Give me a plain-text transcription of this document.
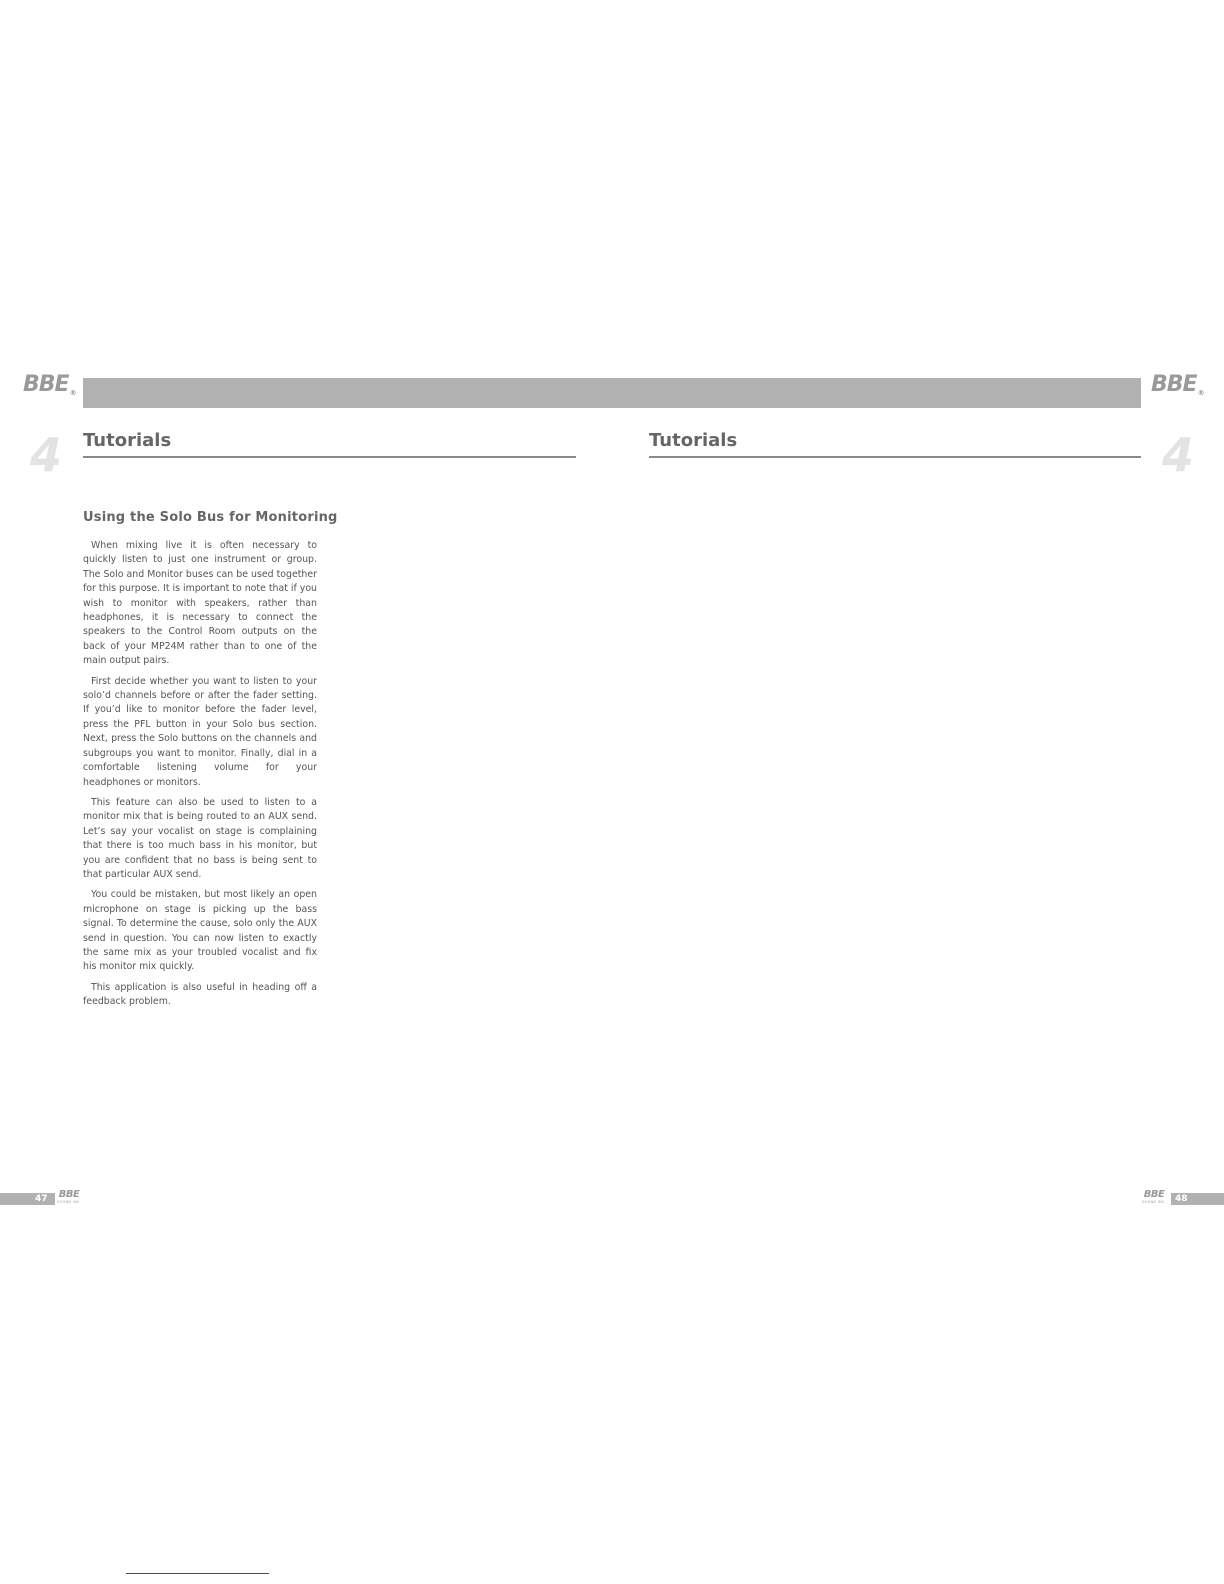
BBE®	BBE®
4 Tutorials
Using the Solo Bus for Monitoring

When mixing live it is often necessary to quickly listen to just one instrument or group. The Solo and Monitor buses can be used together for this purpose. It is important to note that if you wish to monitor with speakers, rather than headphones, it is necessary to connect the speakers to the Control Room outputs on the back of your MP24M rather than to one of the main output pairs.

First decide whether you want to listen to your solo’d channels before or after the fader setting. If you’d like to monitor before the fader level, press the PFL button in your Solo bus section. Next, press the Solo buttons on the channels and subgroups you want to monitor. Finally, dial in a comfortable listening volume for your headphones or monitors.

This feature can also be used to listen to a monitor mix that is being routed to an AUX send. Let’s say your vocalist on stage is complaining that there is too much bass in his monitor, but you are confident that no bass is being sent to that particular AUX send.

You could be mistaken, but most likely an open microphone on stage is picking up the bass signal. To determine the cause, solo only the AUX send in question. You can now listen to exactly the same mix as your troubled vocalist and fix his monitor mix quickly.

This application is also useful in heading off a feedback problem.

Tutorials	4
47 BBE
SOUND INC.
BBE
SOUND INC. 48
